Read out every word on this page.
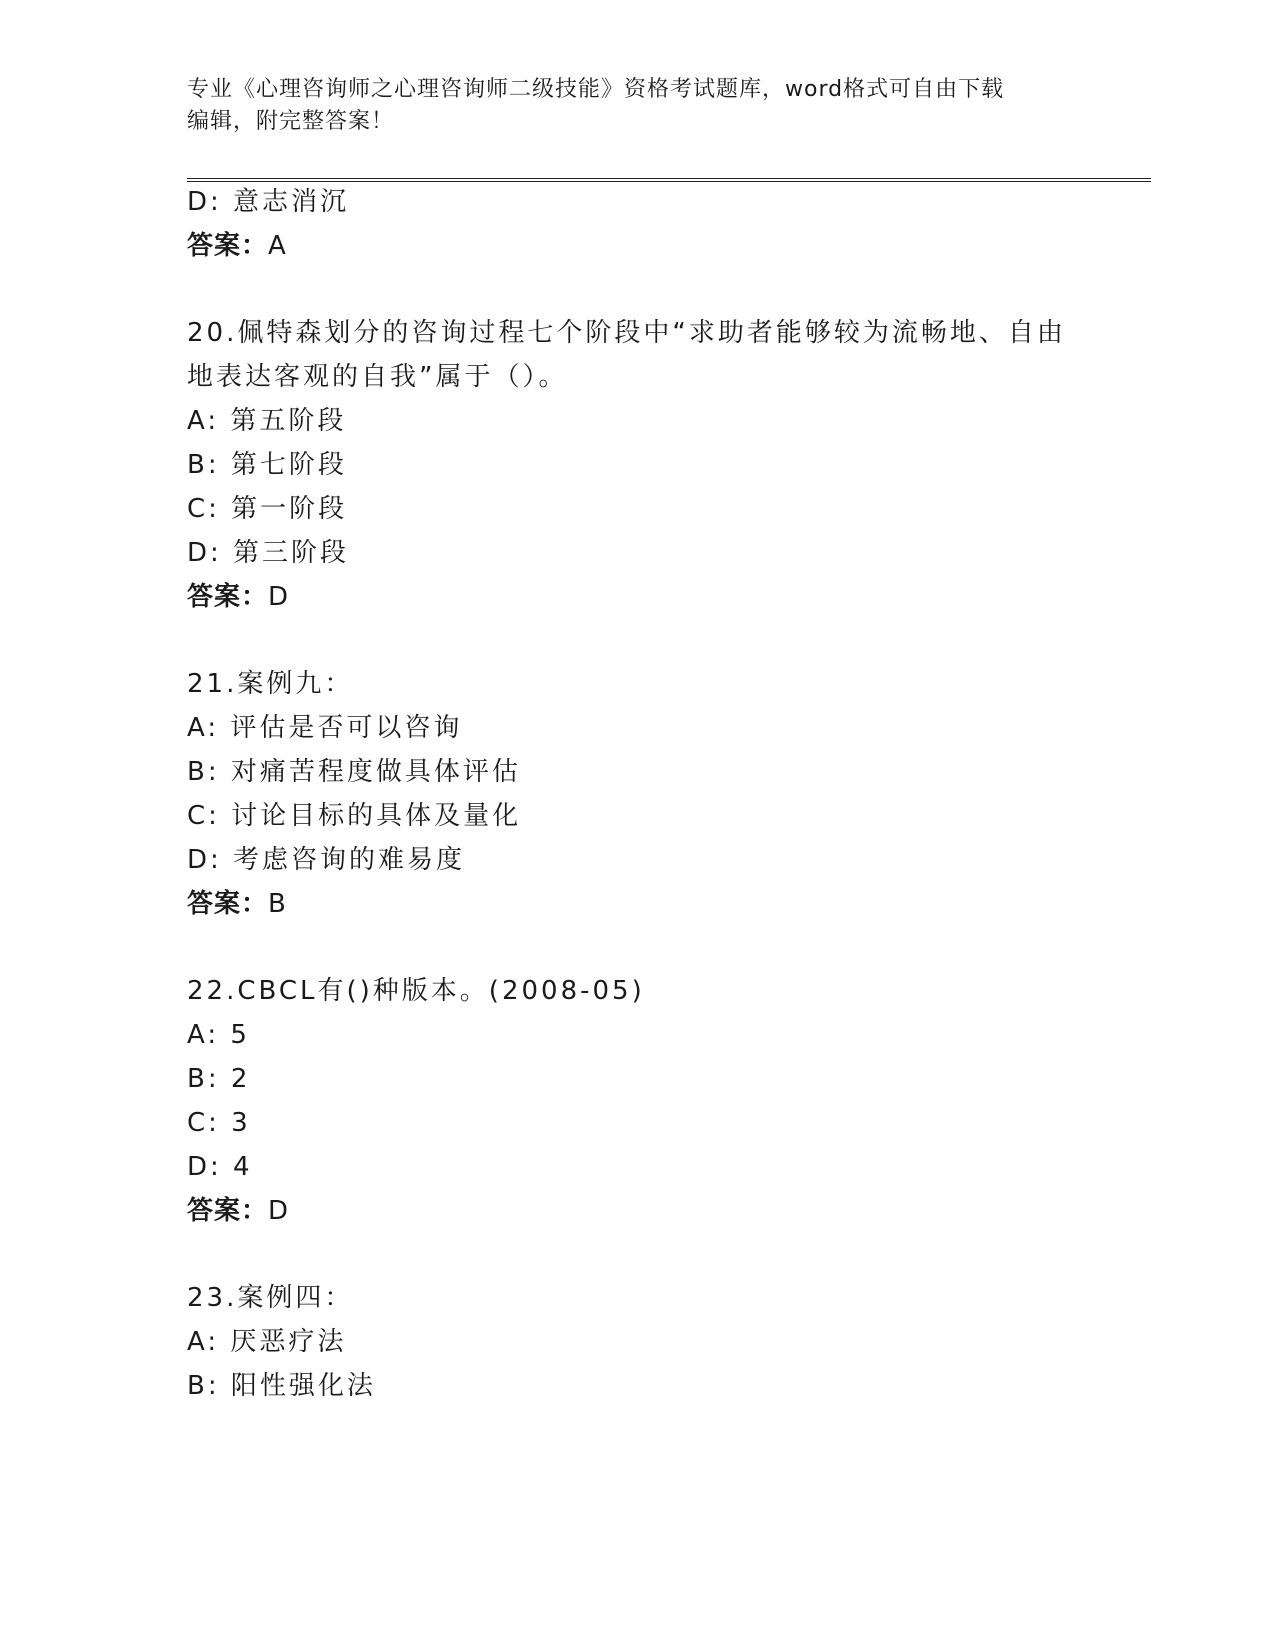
专业《心理咨询师之心理咨询师二级技能》资格考试题库，word格式可自由下载
编辑，附完整答案！
D: 意志消沉
答案：A
20.佩特森划分的咨询过程七个阶段中“求助者能够较为流畅地、自由
地表达客观的自我”属于（）。
A: 第五阶段
B: 第七阶段
C: 第一阶段
D: 第三阶段
答案：D
21.案例九：
A: 评估是否可以咨询
B: 对痛苦程度做具体评估
C: 讨论目标的具体及量化
D: 考虑咨询的难易度
答案：B
22.CBCL有()种版本。(2008-05)
A: 5
B: 2
C: 3
D: 4
答案：D
23.案例四：
A: 厌恶疗法
B: 阳性强化法
